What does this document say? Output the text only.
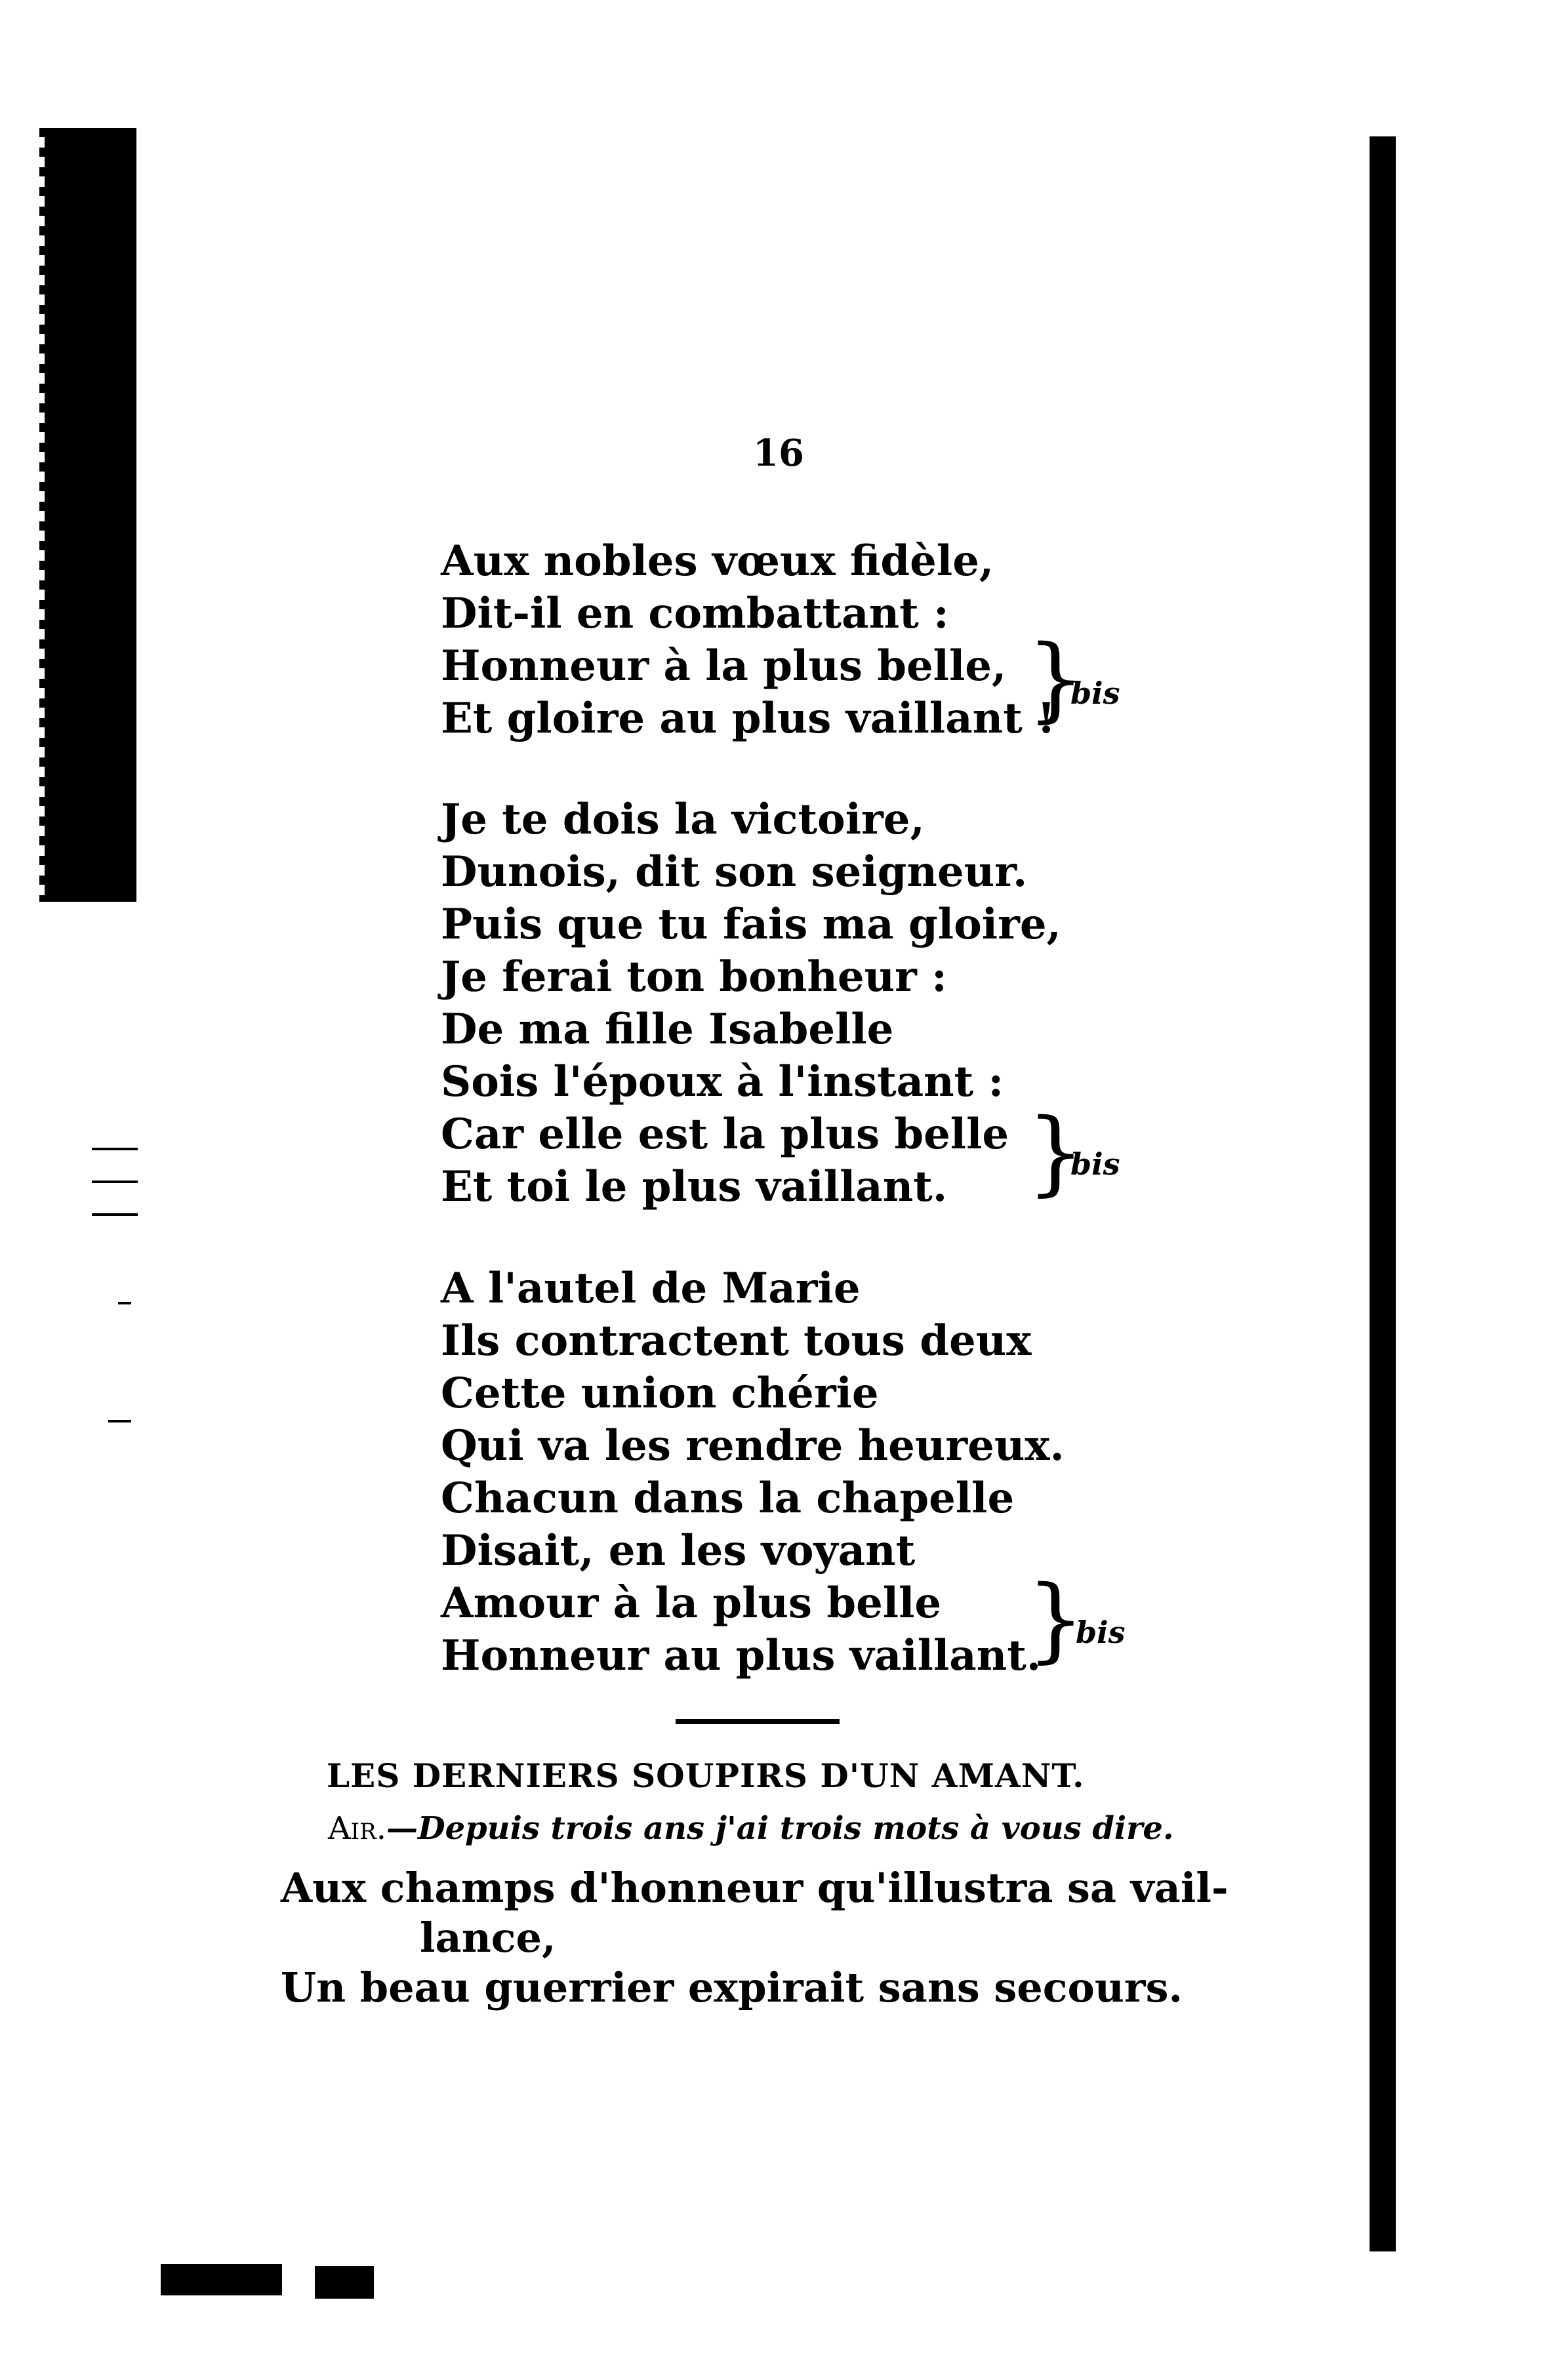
16
Aux nobles vœux fidèle,
Dit-il en combattant :
Honneur à la plus belle,
Et gloire au plus vaillant !
}
bis
Je te dois la victoire,
Dunois, dit son seigneur.
Puis que tu fais ma gloire,
Je ferai ton bonheur :
De ma fille Isabelle
Sois l'époux à l'instant :
Car elle est la plus belle
Et toi le plus vaillant. }
bis
A l'autel de Marie
Ils contractent tous deux
Cette union chérie
Qui va les rendre heureux.
Chacun dans la chapelle
Disait, en les voyant
Amour à la plus belle
Honneur au plus vaillant.
}
bis
LES DERNIERS SOUPIRS D'UN AMANT.
Air.—Depuis trois ans j'ai trois mots à vous dire.
Aux champs d'honneur qu'illustra sa vail-
lance,
Un beau guerrier expirait sans secours.
